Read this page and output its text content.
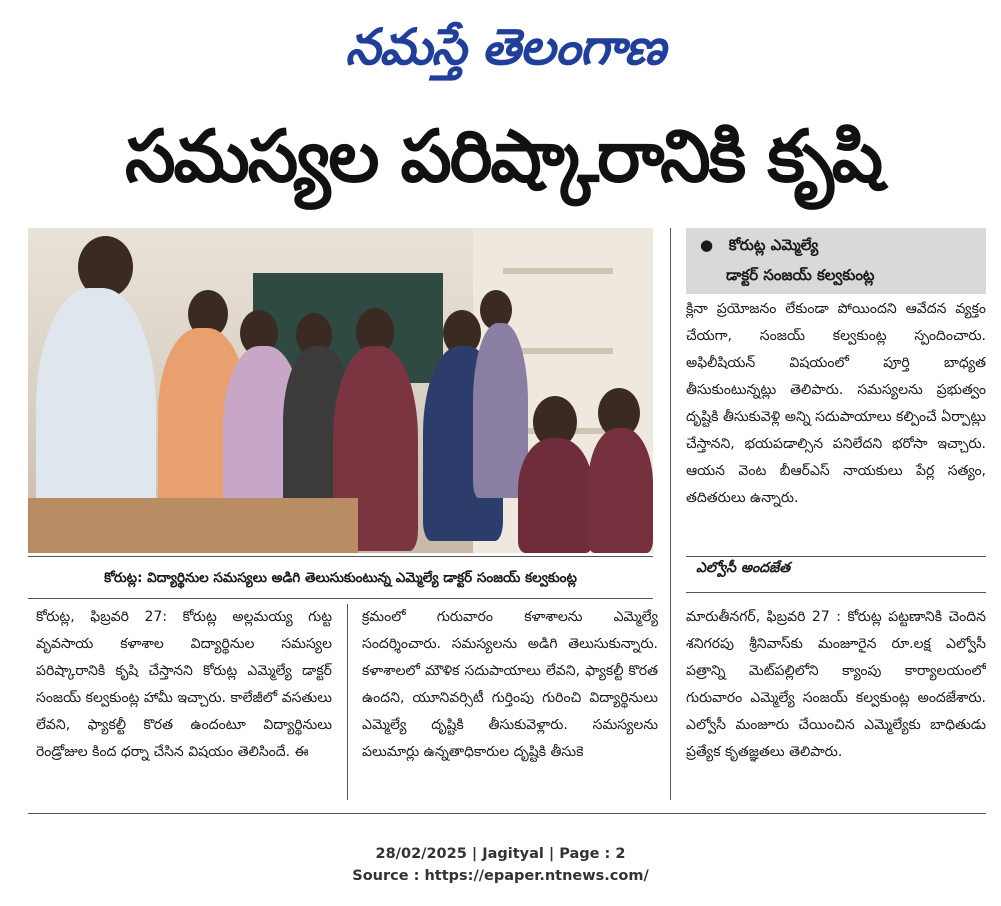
నమస్తే తెలంగాణ
సమస్యల పరిష్కారానికి కృషి
కోరుట్ల: విద్యార్థినుల సమస్యలు అడిగి తెలుసుకుంటున్న ఎమ్మెల్యే డాక్టర్ సంజయ్ కల్వకుంట్ల
● కోరుట్ల ఎమ్మెల్యే
డాక్టర్ సంజయ్ కల్వకుంట్ల
క్లినా ప్రయోజనం లేకుండా పోయిందని ఆవేదన వ్యక్తం చేయగా, సంజయ్ కల్వకుంట్ల స్పందించారు. అఫిలీషియన్ విషయంలో పూర్తి బాధ్యత తీసుకుంటున్నట్లు తెలిపారు. సమస్యలను ప్రభుత్వం దృష్టికి తీసుకువెళ్లి అన్ని సదుపాయాలు కల్పించే ఏర్పాట్లు చేస్తానని, భయపడాల్సిన పనిలేదని భరోసా ఇచ్చారు. ఆయన వెంట బీఆర్ఎస్ నాయకులు పేర్ల సత్యం, తదితరులు ఉన్నారు.
ఎల్వోసీ అందజేత
కోరుట్ల, ఫిబ్రవరి 27: కోరుట్ల అల్లమయ్య గుట్ట వృవసాయ కళాశాల విద్యార్థినుల సమస్యల పరిష్కారానికి కృషి చేస్తానని కోరుట్ల ఎమ్మెల్యే డాక్టర్ సంజయ్ కల్వకుంట్ల హామీ ఇచ్చారు. కాలేజీలో వసతులు లేవని, ఫ్యాకల్టీ కొరత ఉందంటూ విద్యార్థినులు రెండ్రోజుల కింద ధర్నా చేసిన విషయం తెలిసిందే. ఈ
క్రమంలో గురువారం కళాశాలను ఎమ్మెల్యే సందర్శించారు. సమస్యలను అడిగి తెలుసుకున్నారు. కళాశాలలో మౌళిక సదుపాయాలు లేవని, ఫ్యాకల్టీ కొరత ఉందని, యూనివర్సిటీ గుర్తింపు గురించి విద్యార్థినులు ఎమ్మెల్యే దృష్టికి తీసుకువెళ్లారు. సమస్యలను పలుమార్లు ఉన్నతాధికారుల దృష్టికి తీసుకె
మారుతీనగర్, ఫిబ్రవరి 27 : కోరుట్ల పట్టణానికి చెందిన శనిగరపు శ్రీనివాస్‌కు మంజూరైన రూ.లక్ష ఎల్వోసీ పత్రాన్ని మెట్‌పల్లిలోని క్యాంపు కార్యాలయంలో గురువారం ఎమ్మెల్యే సంజయ్ కల్వకుంట్ల అందజేశారు. ఎల్వోసీ మంజూరు చేయించిన ఎమ్మెల్యేకు బాధితుడు ప్రత్యేక కృతజ్ఞతలు తెలిపారు.
28/02/2025 | Jagityal | Page : 2
Source : https://epaper.ntnews.com/
